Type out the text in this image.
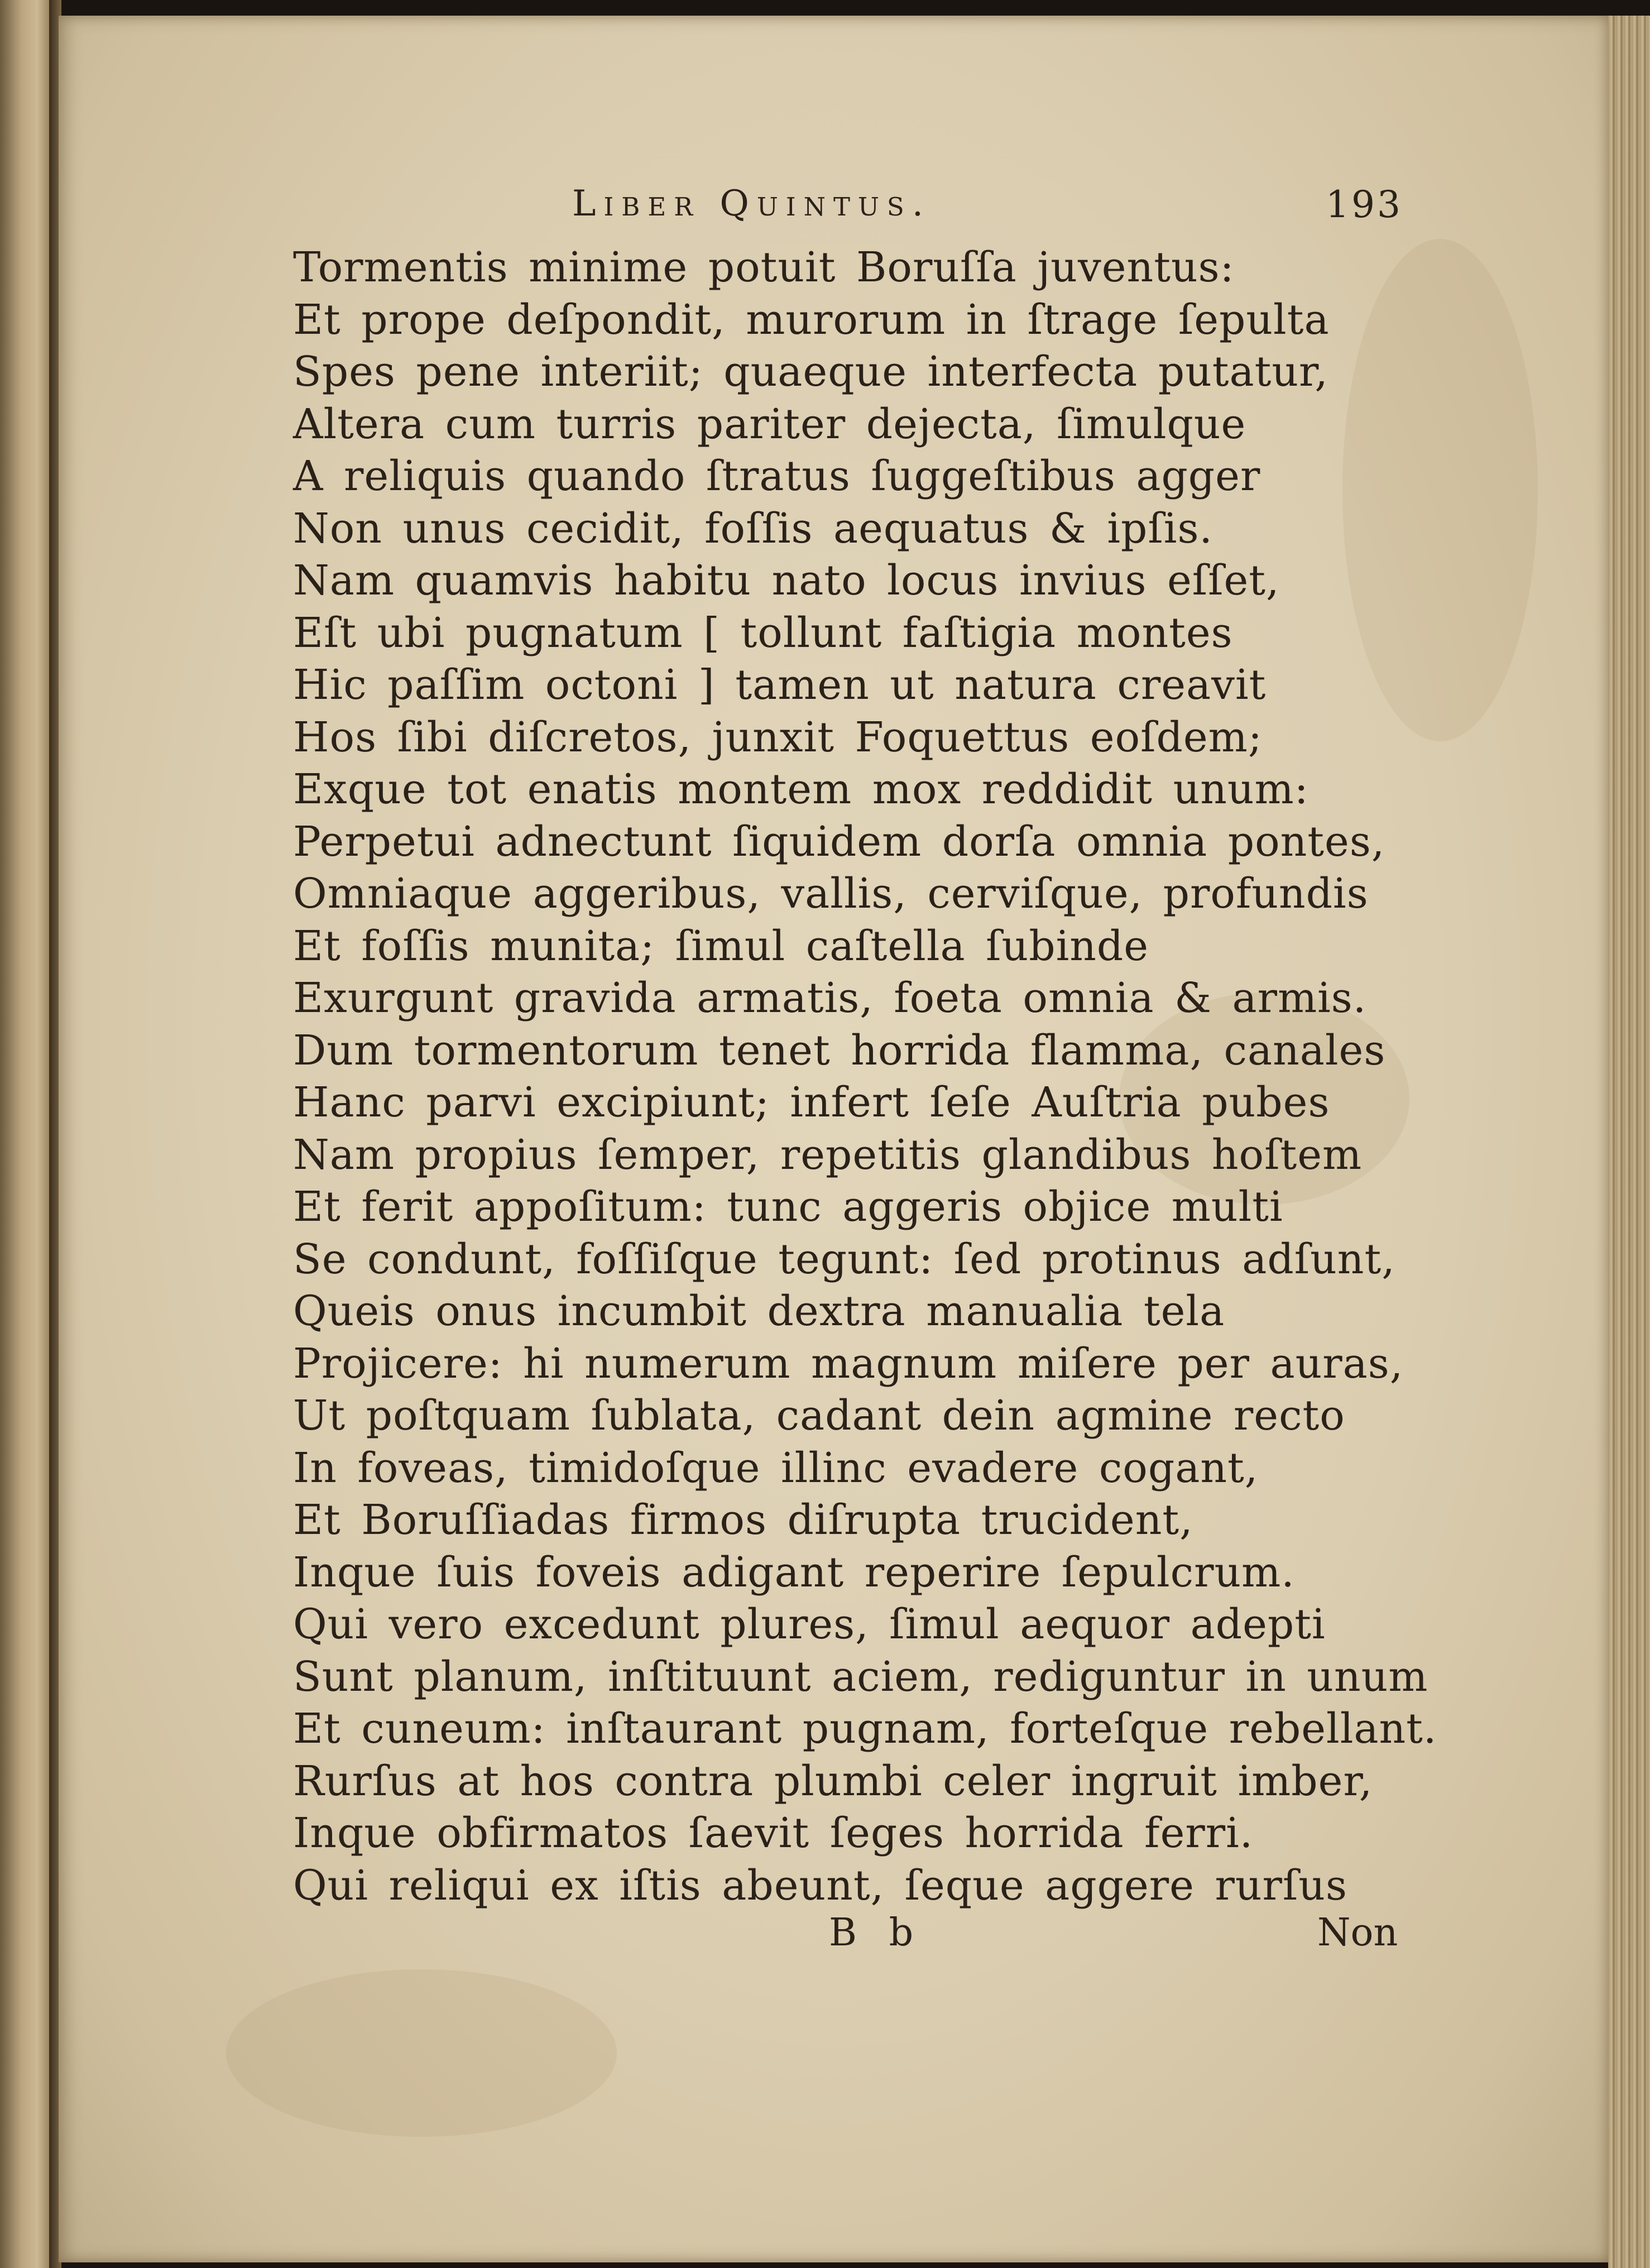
Liber Quintus.	193
Tormentis minime potuit Boruſſa juventus:
Et prope deſpondit, murorum in ſtrage ſepulta
Spes pene interiit; quaeque interfecta putatur,
Altera cum turris pariter dejecta, ſimulque
A reliquis quando ſtratus ſuggeſtibus agger
Non unus cecidit, foſſis aequatus & ipſis.
Nam quamvis habitu nato locus invius eſſet,
Eſt ubi pugnatum [ tollunt faſtigia montes
Hic paſſim octoni ] tamen ut natura creavit
Hos ſibi diſcretos, junxit Foquettus eoſdem;
Exque tot enatis montem mox reddidit unum:
Perpetui adnectunt ſiquidem dorſa omnia pontes,
Omniaque aggeribus, vallis, cerviſque, profundis
Et foſſis munita; ſimul caſtella ſubinde
Exurgunt gravida armatis, foeta omnia & armis.
Dum tormentorum tenet horrida flamma, canales
Hanc parvi excipiunt; infert ſeſe Auſtria pubes
Nam propius ſemper, repetitis glandibus hoſtem
Et ferit appoſitum: tunc aggeris objice multi
Se condunt, foſſiſque tegunt: ſed protinus adſunt,
Queis onus incumbit dextra manualia tela
Projicere: hi numerum magnum miſere per auras,
Ut poſtquam ſublata, cadant dein agmine recto
In foveas, timidoſque illinc evadere cogant,
Et Boruſſiadas firmos diſrupta trucident,
Inque ſuis foveis adigant reperire ſepulcrum.
Qui vero excedunt plures, ſimul aequor adepti
Sunt planum, inſtituunt aciem, rediguntur in unum
Et cuneum: inſtaurant pugnam, forteſque rebellant.
Rurſus at hos contra plumbi celer ingruit imber,
Inque obfirmatos ſaevit ſeges horrida ferri.
Qui reliqui ex iſtis abeunt, ſeque aggere rurſus
B b	Non
